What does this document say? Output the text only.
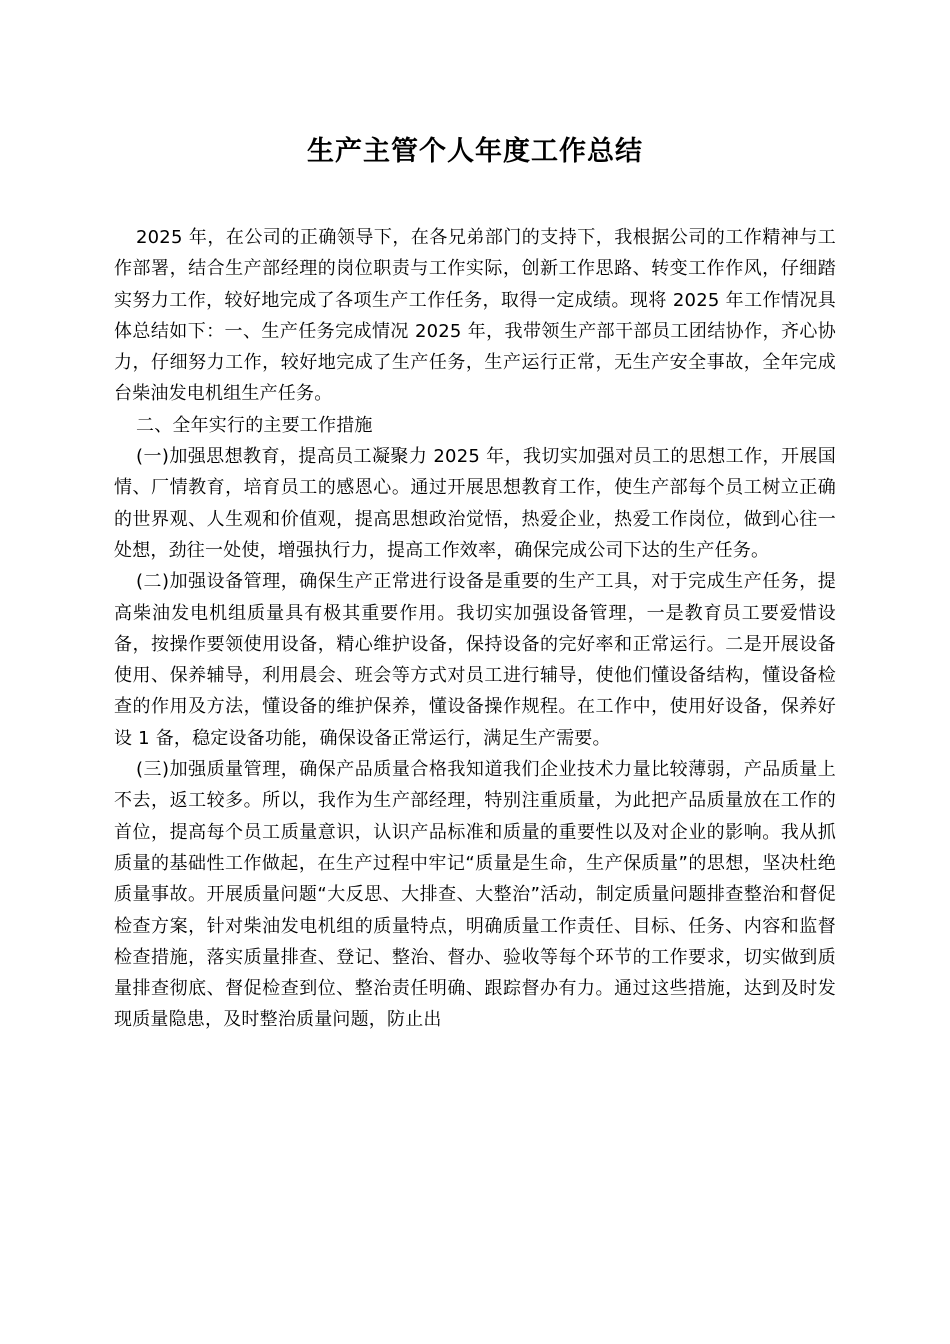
生产主管个人年度工作总结

2025 年，在公司的正确领导下，在各兄弟部门的支持下，我根据公司的工作精神与工作部署，结合生产部经理的岗位职责与工作实际，创新工作思路、转变工作作风，仔细踏实努力工作，较好地完成了各项生产工作任务，取得一定成绩。现将 2025 年工作情况具体总结如下：一、生产任务完成情况 2025 年，我带领生产部干部员工团结协作，齐心协力，仔细努力工作，较好地完成了生产任务，生产运行正常，无生产安全事故，全年完成台柴油发电机组生产任务。

二、全年实行的主要工作措施

(一)加强思想教育，提高员工凝聚力 2025 年，我切实加强对员工的思想工作，开展国情、厂情教育，培育员工的感恩心。通过开展思想教育工作，使生产部每个员工树立正确的世界观、人生观和价值观，提高思想政治觉悟，热爱企业，热爱工作岗位，做到心往一处想，劲往一处使，增强执行力，提高工作效率，确保完成公司下达的生产任务。

(二)加强设备管理，确保生产正常进行设备是重要的生产工具，对于完成生产任务，提高柴油发电机组质量具有极其重要作用。我切实加强设备管理，一是教育员工要爱惜设备，按操作要领使用设备，精心维护设备，保持设备的完好率和正常运行。二是开展设备使用、保养辅导，利用晨会、班会等方式对员工进行辅导，使他们懂设备结构，懂设备检查的作用及方法，懂设备的维护保养，懂设备操作规程。在工作中，使用好设备，保养好设 1 备，稳定设备功能，确保设备正常运行，满足生产需要。

(三)加强质量管理，确保产品质量合格我知道我们企业技术力量比较薄弱，产品质量上不去，返工较多。所以，我作为生产部经理，特别注重质量，为此把产品质量放在工作的首位，提高每个员工质量意识，认识产品标准和质量的重要性以及对企业的影响。我从抓质量的基础性工作做起，在生产过程中牢记“质量是生命，生产保质量”的思想，坚决杜绝质量事故。开展质量问题“大反思、大排查、大整治”活动，制定质量问题排查整治和督促检查方案，针对柴油发电机组的质量特点，明确质量工作责任、目标、任务、内容和监督检查措施，落实质量排查、登记、整治、督办、验收等每个环节的工作要求，切实做到质量排查彻底、督促检查到位、整治责任明确、跟踪督办有力。通过这些措施，达到及时发现质量隐患，及时整治质量问题，防止出
